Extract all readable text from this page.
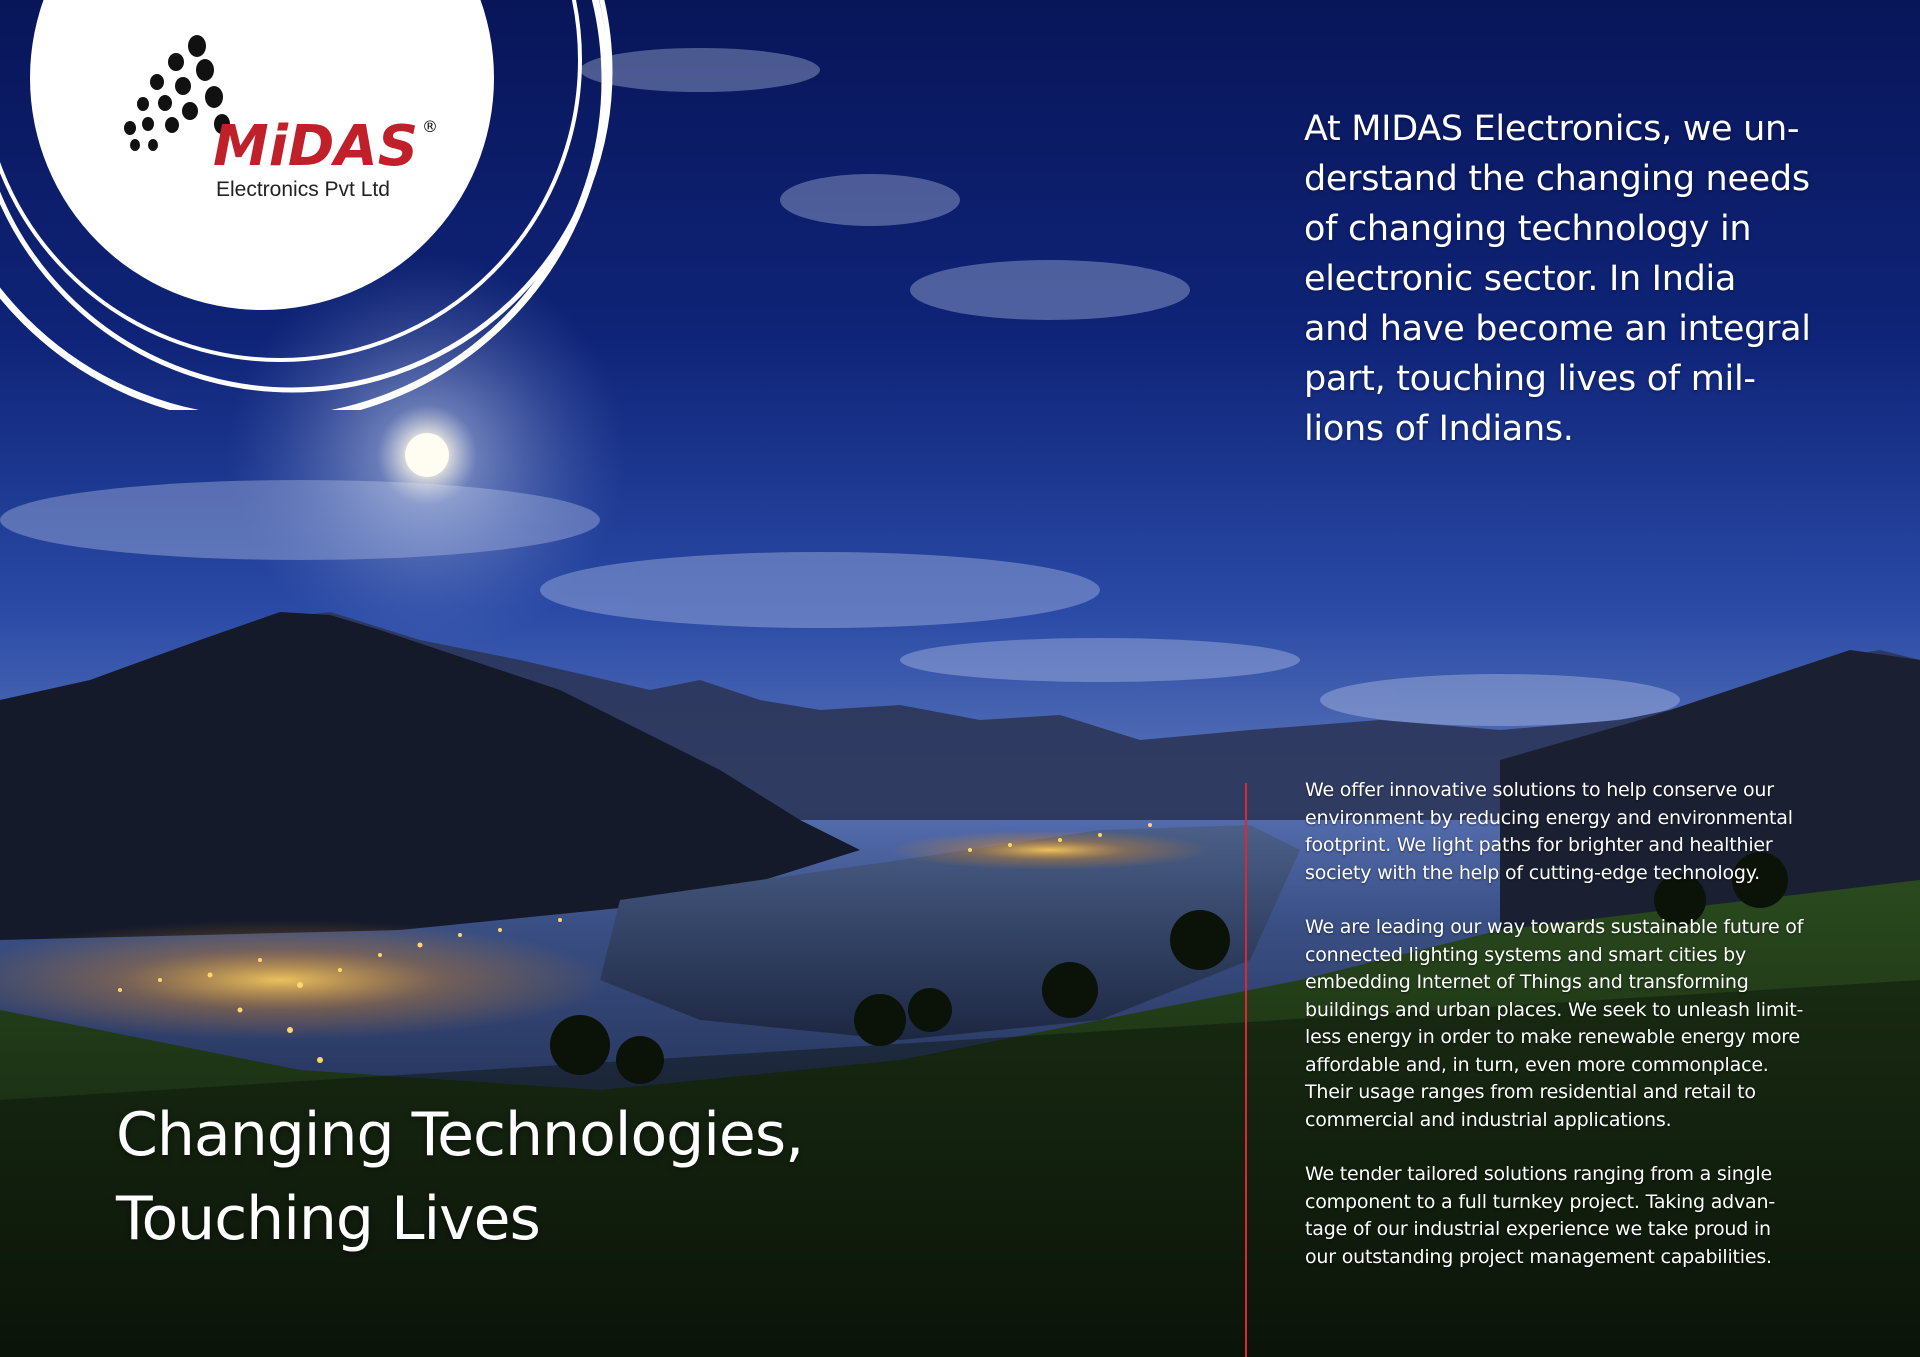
MiDAS ®
Electronics Pvt Ltd
At MIDAS Electronics, we un-
derstand the changing needs
of changing technology in
electronic sector. In India
and have become an integral
part, touching lives of mil-
lions of Indians.

We offer innovative solutions to help conserve our environment by reducing energy and environmental footprint. We light paths for brighter and healthier society with the help of cutting-edge technology.

We are leading our way towards sustainable future of connected lighting systems and smart cities by embedding Internet of Things and transforming buildings and urban places. We seek to unleash limit-less energy in order to make renewable energy more affordable and, in turn, even more commonplace. Their usage ranges from residential and retail to commercial and industrial applications.

We tender tailored solutions ranging from a single component to a full turnkey project. Taking advan-tage of our industrial experience we take proud in our outstanding project management capabilities.

Changing Technologies,
Touching Lives
